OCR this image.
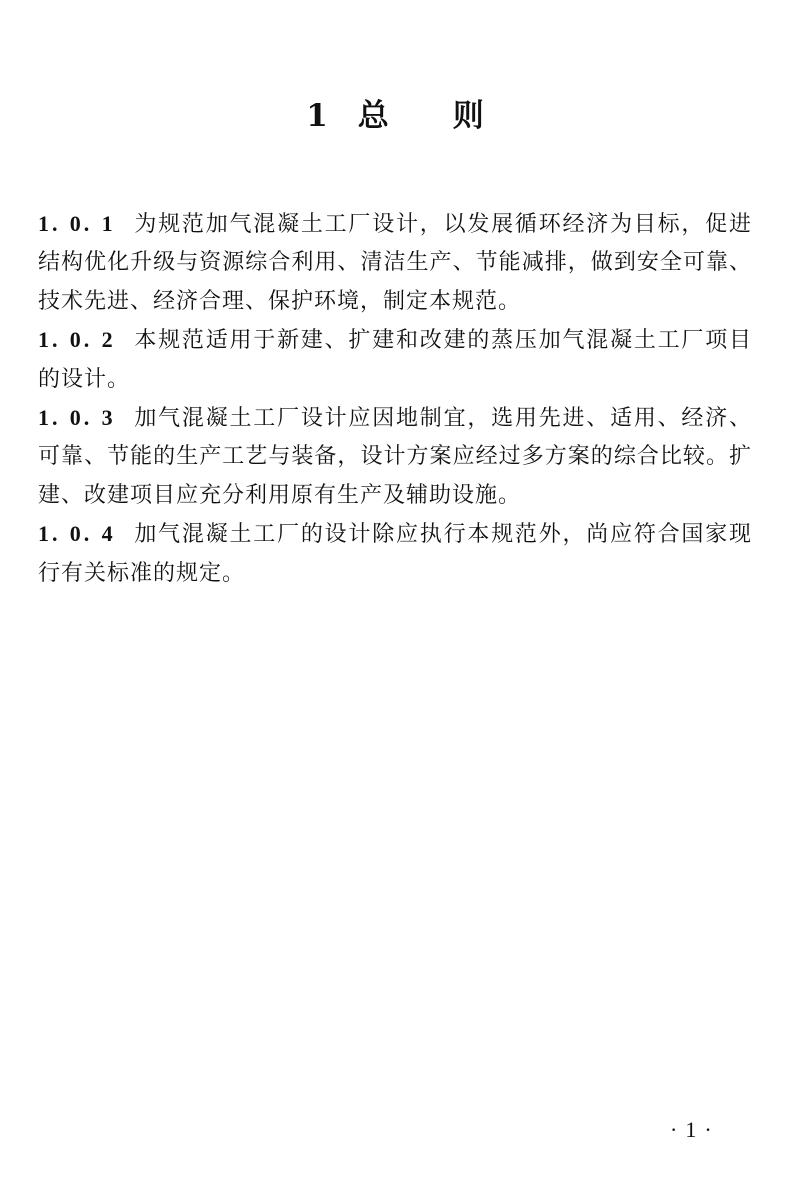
1 总 则

1. 0. 1 为规范加气混凝土工厂设计，以发展循环经济为目标，促进结构优化升级与资源综合利用、清洁生产、节能减排，做到安全可靠、技术先进、经济合理、保护环境，制定本规范。

1. 0. 2 本规范适用于新建、扩建和改建的蒸压加气混凝土工厂项目的设计。

1. 0. 3 加气混凝土工厂设计应因地制宜，选用先进、适用、经济、可靠、节能的生产工艺与装备，设计方案应经过多方案的综合比较。扩建、改建项目应充分利用原有生产及辅助设施。

1. 0. 4 加气混凝土工厂的设计除应执行本规范外，尚应符合国家现行有关标准的规定。

· 1 ·
